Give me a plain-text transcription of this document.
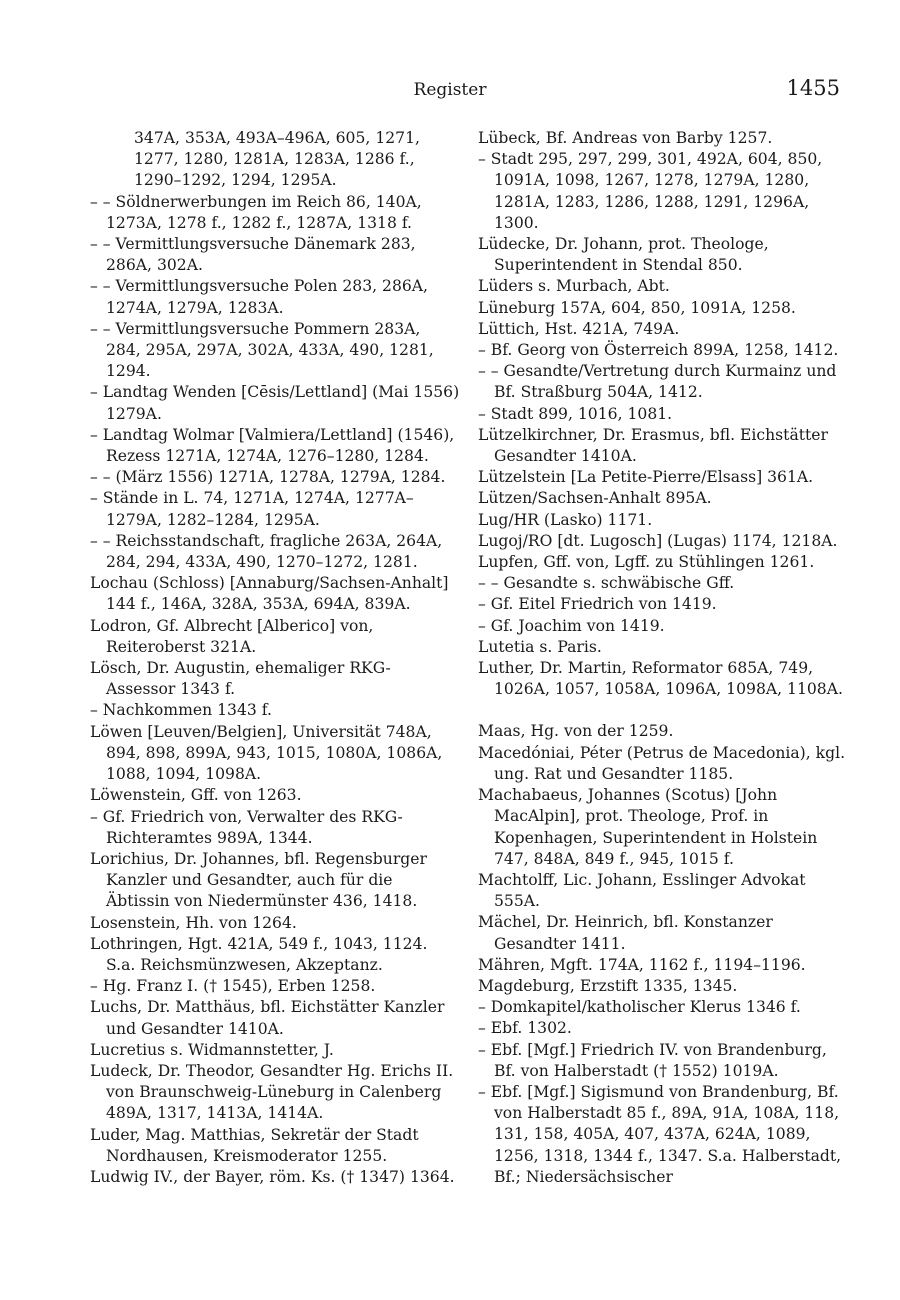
Register	1455
347A, 353A, 493A–496A, 605, 1271, 1277, 1280, 1281A, 1283A, 1286 f., 1290–1292, 1294, 1295A.
– – Söldnerwerbungen im Reich 86, 140A, 1273A, 1278 f., 1282 f., 1287A, 1318 f.
– – Vermittlungsversuche Dänemark 283, 286A, 302A.
– – Vermittlungsversuche Polen 283, 286A, 1274A, 1279A, 1283A.
– – Vermittlungsversuche Pommern 283A, 284, 295A, 297A, 302A, 433A, 490, 1281, 1294.
– Landtag Wenden [Cēsis/Lettland] (Mai 1556) 1279A.
– Landtag Wolmar [Valmiera/Lettland] (1546), Rezess 1271A, 1274A, 1276–1280, 1284.
– – (März 1556) 1271A, 1278A, 1279A, 1284.
– Stände in L. 74, 1271A, 1274A, 1277A–1279A, 1282–1284, 1295A.
– – Reichsstandschaft, fragliche 263A, 264A, 284, 294, 433A, 490, 1270–1272, 1281.
Lochau (Schloss) [Annaburg/Sachsen-Anhalt] 144 f., 146A, 328A, 353A, 694A, 839A.
Lodron, Gf. Albrecht [Alberico] von, Reiteroberst 321A.
Lösch, Dr. Augustin, ehemaliger RKG-Assessor 1343 f.
– Nachkommen 1343 f.
Löwen [Leuven/Belgien], Universität 748A, 894, 898, 899A, 943, 1015, 1080A, 1086A, 1088, 1094, 1098A.
Löwenstein, Gff. von 1263.
– Gf. Friedrich von, Verwalter des RKG-Richteramtes 989A, 1344.
Lorichius, Dr. Johannes, bfl. Regensburger Kanzler und Gesandter, auch für die Äbtissin von Niedermünster 436, 1418.
Losenstein, Hh. von 1264.
Lothringen, Hgt. 421A, 549 f., 1043, 1124. S.a. Reichsmünzwesen, Akzeptanz.
– Hg. Franz I. († 1545), Erben 1258.
Luchs, Dr. Matthäus, bfl. Eichstätter Kanzler und Gesandter 1410A.
Lucretius s. Widmannstetter, J.
Ludeck, Dr. Theodor, Gesandter Hg. Erichs II. von Braunschweig-Lüneburg in Calenberg 489A, 1317, 1413A, 1414A.
Luder, Mag. Matthias, Sekretär der Stadt Nordhausen, Kreismoderator 1255.
Ludwig IV., der Bayer, röm. Ks. († 1347) 1364.
Lübeck, Bf. Andreas von Barby 1257.
– Stadt 295, 297, 299, 301, 492A, 604, 850, 1091A, 1098, 1267, 1278, 1279A, 1280, 1281A, 1283, 1286, 1288, 1291, 1296A, 1300.
Lüdecke, Dr. Johann, prot. Theologe, Superintendent in Stendal 850.
Lüders s. Murbach, Abt.
Lüneburg 157A, 604, 850, 1091A, 1258.
Lüttich, Hst. 421A, 749A.
– Bf. Georg von Österreich 899A, 1258, 1412.
– – Gesandte/Vertretung durch Kurmainz und Bf. Straßburg 504A, 1412.
– Stadt 899, 1016, 1081.
Lützelkirchner, Dr. Erasmus, bfl. Eichstätter Gesandter 1410A.
Lützelstein [La Petite-Pierre/Elsass] 361A.
Lützen/Sachsen-Anhalt 895A.
Lug/HR (Lasko) 1171.
Lugoj/RO [dt. Lugosch] (Lugas) 1174, 1218A.
Lupfen, Gff. von, Lgff. zu Stühlingen 1261.
– – Gesandte s. schwäbische Gff.
– Gf. Eitel Friedrich von 1419.
– Gf. Joachim von 1419.
Lutetia s. Paris.
Luther, Dr. Martin, Reformator 685A, 749, 1026A, 1057, 1058A, 1096A, 1098A, 1108A.
Maas, Hg. von der 1259.
Macedóniai, Péter (Petrus de Macedonia), kgl. ung. Rat und Gesandter 1185.
Machabaeus, Johannes (Scotus) [John MacAlpin], prot. Theologe, Prof. in Kopenhagen, Superintendent in Holstein 747, 848A, 849 f., 945, 1015 f.
Machtolff, Lic. Johann, Esslinger Advokat 555A.
Mächel, Dr. Heinrich, bfl. Konstanzer Gesandter 1411.
Mähren, Mgft. 174A, 1162 f., 1194–1196.
Magdeburg, Erzstift 1335, 1345.
– Domkapitel/katholischer Klerus 1346 f.
– Ebf. 1302.
– Ebf. [Mgf.] Friedrich IV. von Brandenburg, Bf. von Halberstadt († 1552) 1019A.
– Ebf. [Mgf.] Sigismund von Brandenburg, Bf. von Halberstadt 85 f., 89A, 91A, 108A, 118, 131, 158, 405A, 407, 437A, 624A, 1089, 1256, 1318, 1344 f., 1347. S.a. Halberstadt, Bf.; Niedersächsischer
